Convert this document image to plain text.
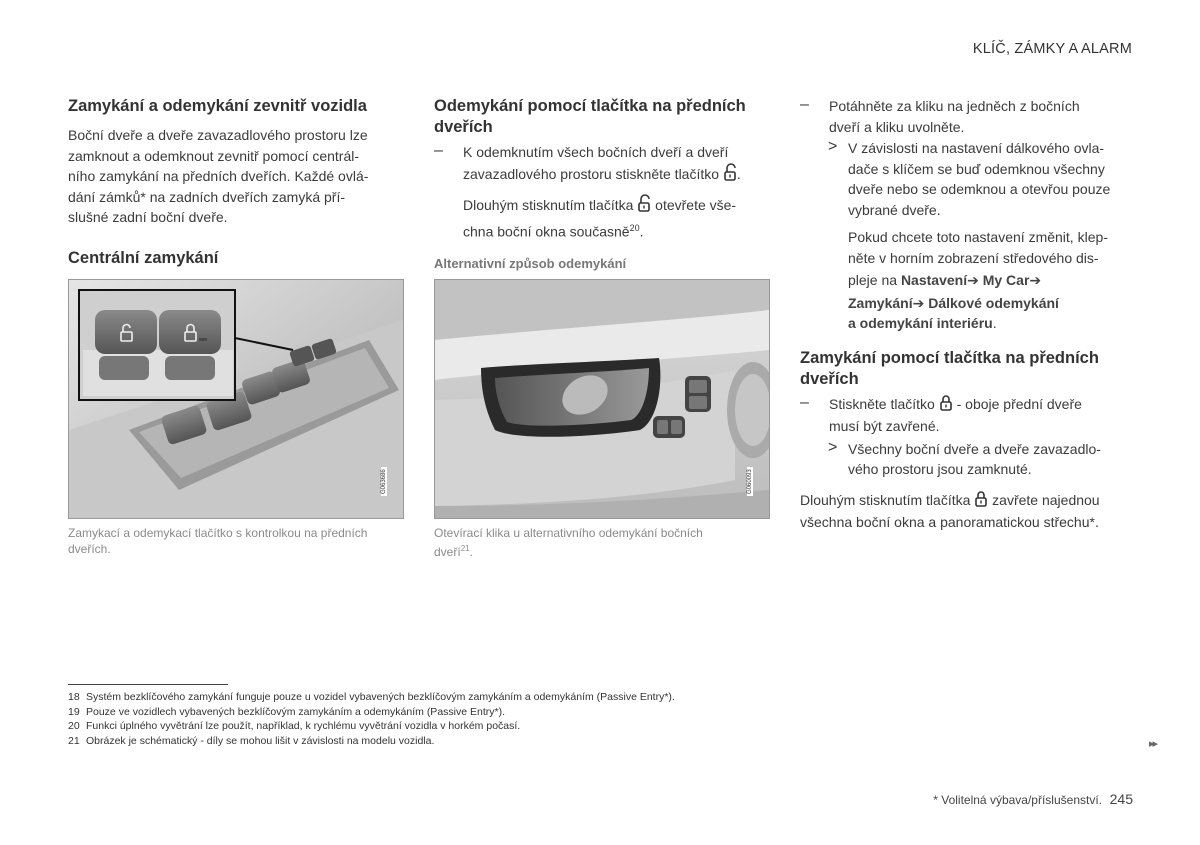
KLÍČ, ZÁMKY A ALARM
Zamykání a odemykání zevnitř vozidla

Boční dveře a dveře zavazadlového prostoru lze

zamknout a odemknout zevnitř pomocí centrál-

ního zamykání na předních dveřích. Každé ovlá-

dání zámků* na zadních dveřích zamyká pří-

slušné zadní boční dveře.

Centrální zamykání
G063686
Zamykací a odemykací tlačítko s kontrolkou na předních
dveřích.
Odemykání pomocí tlačítka na předních dveřích
– K odemknutím všech bočních dveří a dveří

zavazadlového prostoru stiskněte tlačítko .

Dlouhým stisknutím tlačítka otevřete vše-

chna boční okna současně$^{20}$.

Alternativní způsob odemykání
G060093
Otevírací klika u alternativního odemykání bočních
dveří$^{21}$.
– Potáhněte za kliku na jedněch z bočních

dveří a kliku uvolněte.

> V závislosti na nastavení dálkového ovla-

dače s klíčem se buď odemknou všechny

dveře nebo se odemknou a otevřou pouze

vybrané dveře.

Pokud chcete toto nastavení změnit, klep-

něte v horním zobrazení středového dis-

pleje na Nastavení➔ My Car➔

Zamykání➔ Dálkové odemykání

a odemykání interiéru.

Zamykání pomocí tlačítka na předních dveřích
– Stiskněte tlačítko - oboje přední dveře

musí být zavřené.

> Všechny boční dveře a dveře zavazadlo-

vého prostoru jsou zamknuté.

Dlouhým stisknutím tlačítka zavřete najednou

všechna boční okna a panoramatickou střechu*.

18 Systém bezklíčového zamykání funguje pouze u vozidel vybavených bezklíčovým zamykáním a odemykáním (Passive Entry*).
19 Pouze ve vozidlech vybavených bezklíčovým zamykáním a odemykáním (Passive Entry*).
20 Funkci úplného vyvětrání lze použít, například, k rychlému vyvětrání vozidla v horkém počasí.
21 Obrázek je schématický - díly se mohou lišit v závislosti na modelu vozidla.	▸▸
* Volitelná výbava/příslušenství. 245
